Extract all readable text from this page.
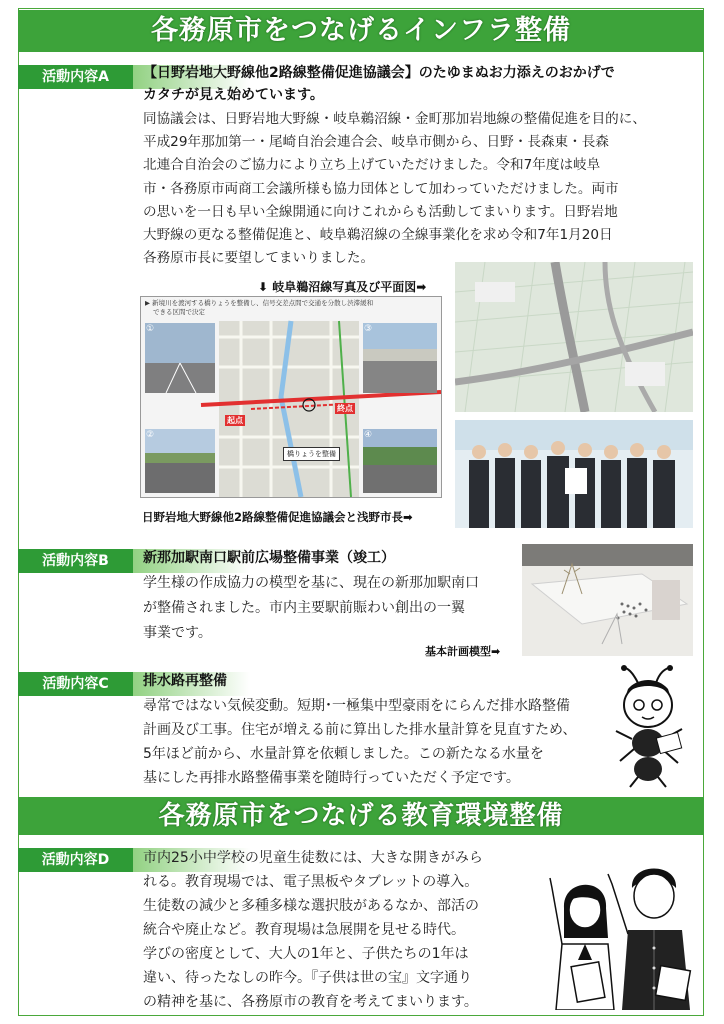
各務原市をつなげるインフラ整備
活動内容A	【日野岩地大野線他2路線整備促進協議会】のたゆまぬお力添えのおかげで
カタチが見え始めています。
同協議会は、日野岩地大野線・岐阜鵜沼線・金町那加岩地線の整備促進を目的に、
平成29年那加第一・尾崎自治会連合会、岐阜市側から、日野・長森東・長森
北連合自治会のご協力により立ち上げていただけました。令和7年度は岐阜
市・各務原市両商工会議所様も協力団体として加わっていただけました。両市
の思いを一日も早い全線開通に向けこれからも活動してまいります。日野岩地
大野線の更なる整備促進と、岐阜鵜沼線の全線事業化を求め令和7年1月20日
各務原市長に要望してまいりました。
⬇ 岐阜鵜沼線写真及び平面図➡
▶ 新境川を渡河する橋りょうを整備し、信号交差点間で交通を分散し渋滞緩和
できる区間で決定
①
②
③
④
起点
終点
橋りょうを整備
日野岩地大野線他2路線整備促進協議会と浅野市長➡
活動内容B	新那加駅南口駅前広場整備事業（竣工）
学生様の作成協力の模型を基に、現在の新那加駅南口
が整備されました。市内主要駅前賑わい創出の一翼
事業です。
基本計画模型➡
活動内容C	排水路再整備
尋常ではない気候変動。短期･一極集中型豪雨をにらんだ排水路整備
計画及び工事。住宅が増える前に算出した排水量計算を見直すため、
5年ほど前から、水量計算を依頼しました。この新たなる水量を
基にした再排水路整備事業を随時行っていただく予定です。
各務原市をつなげる教育環境整備
活動内容D	市内25小中学校の児童生徒数には、大きな開きがみら
れる。教育現場では、電子黒板やタブレットの導入。
生徒数の減少と多種多様な選択肢があるなか、部活の
統合や廃止など。教育現場は急展開を見せる時代。
学びの密度として、大人の1年と、子供たちの1年は
違い、待ったなしの昨今。『子供は世の宝』文字通り
の精神を基に、各務原市の教育を考えてまいります。
